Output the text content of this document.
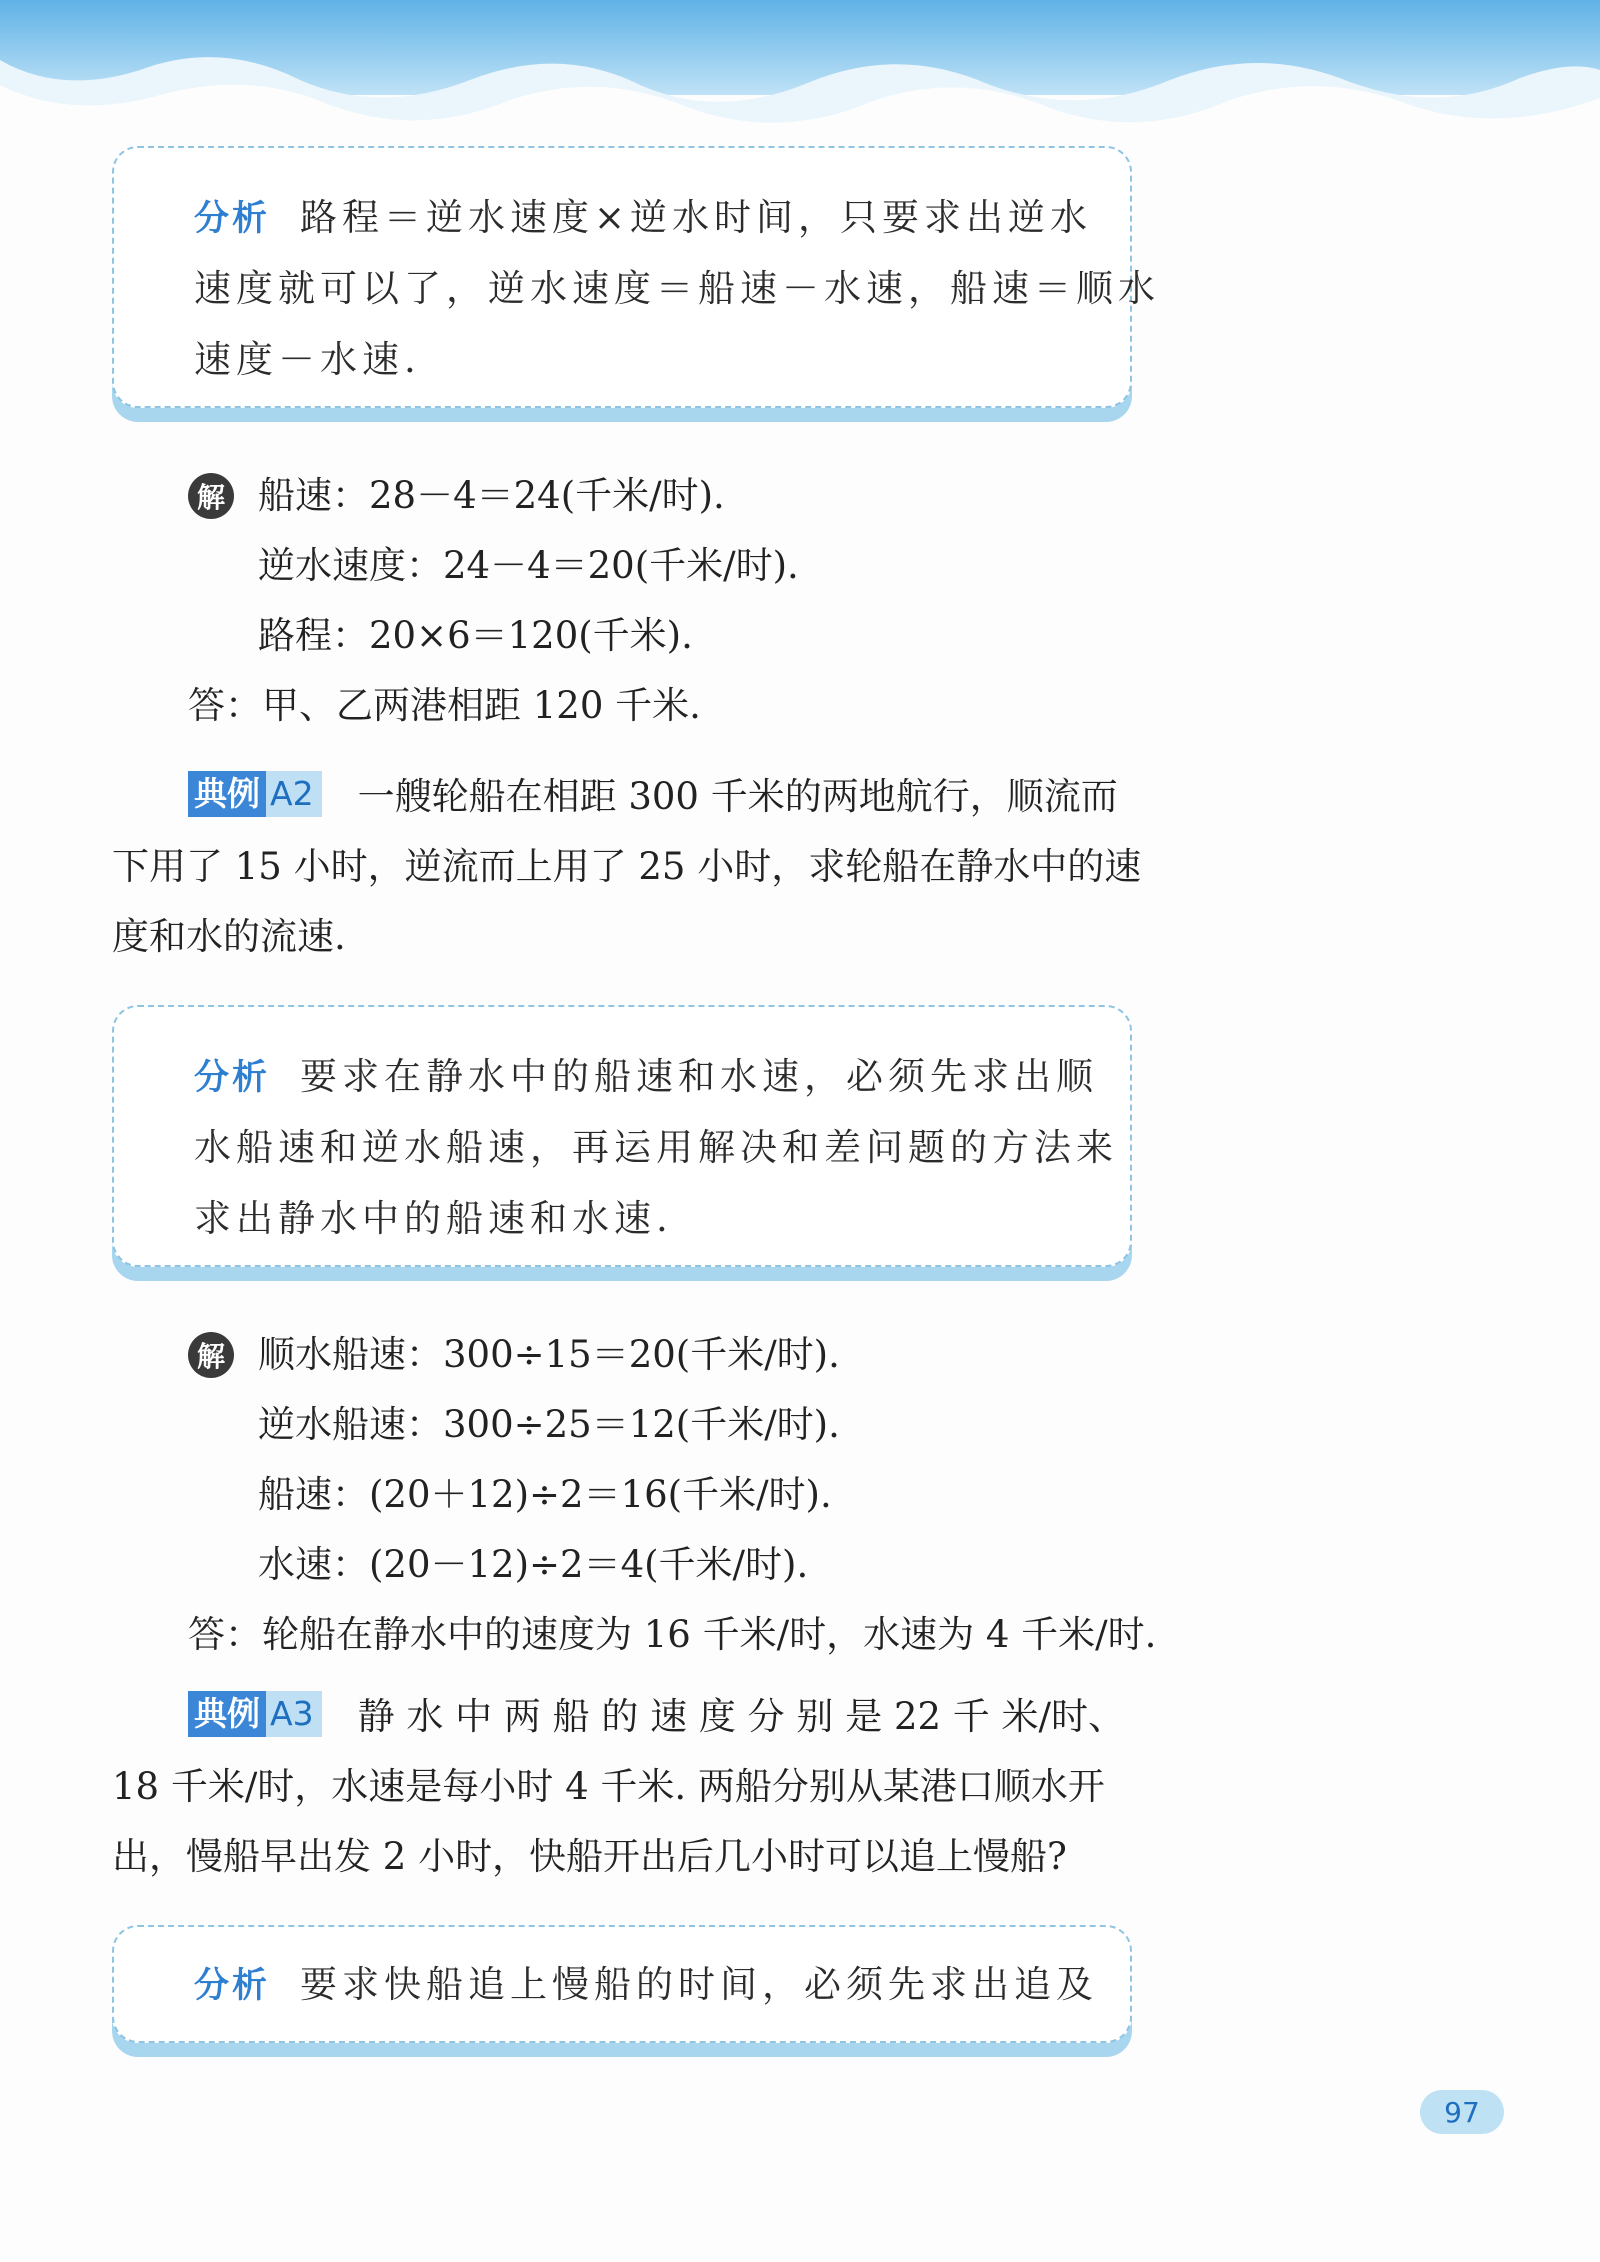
分析 路程＝逆水速度×逆水时间，只要求出逆水
速度就可以了，逆水速度＝船速－水速，船速＝顺水
速度－水速.
解 船速：28－4＝24(千米/时).
逆水速度：24－4＝20(千米/时).
路程：20×6＝120(千米).
答：甲、乙两港相距 120 千米.
典例 A2 一艘轮船在相距 300 千米的两地航行，顺流而
下用了 15 小时，逆流而上用了 25 小时，求轮船在静水中的速
度和水的流速.
分析 要求在静水中的船速和水速，必须先求出顺
水船速和逆水船速，再运用解决和差问题的方法来
求出静水中的船速和水速.
解 顺水船速：300÷15＝20(千米/时).
逆水船速：300÷25＝12(千米/时).
船速：(20＋12)÷2＝16(千米/时).
水速：(20－12)÷2＝4(千米/时).
答：轮船在静水中的速度为 16 千米/时，水速为 4 千米/时.
典例 A3 静 水 中 两 船 的 速 度 分 别 是 22 千 米/时、
18 千米/时，水速是每小时 4 千米. 两船分别从某港口顺水开
出，慢船早出发 2 小时，快船开出后几小时可以追上慢船?
分析 要求快船追上慢船的时间，必须先求出追及
97
